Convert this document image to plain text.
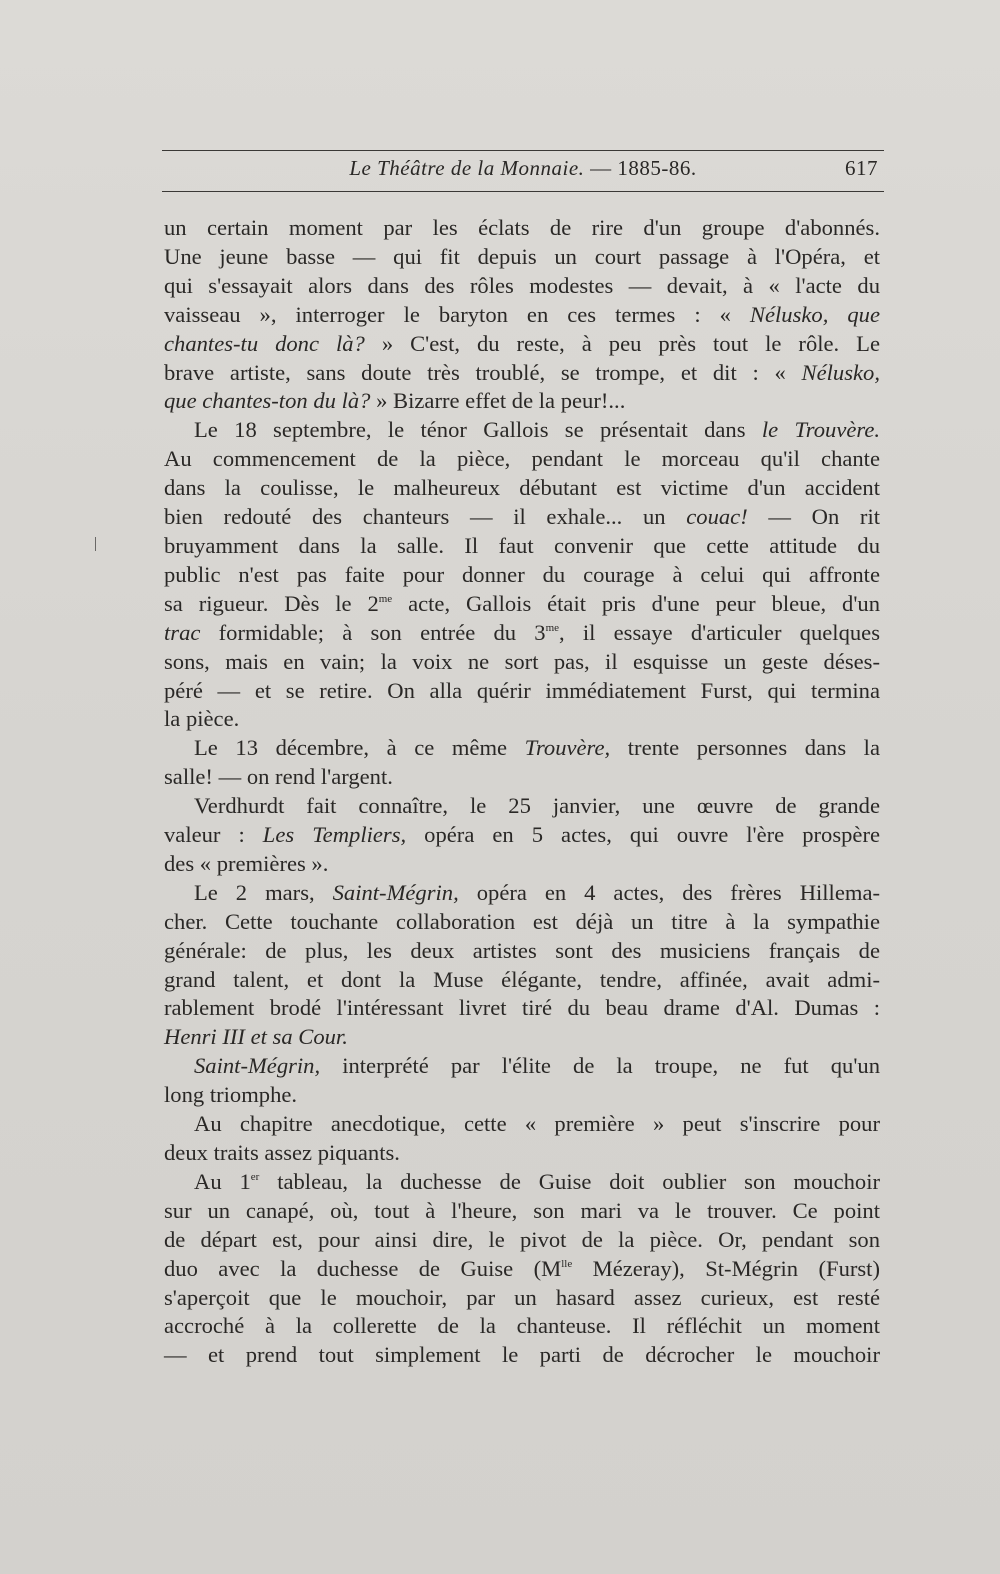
Le Théâtre de la Monnaie. — 1885-86.	617
un certain moment par les éclats de rire d'un groupe d'abonnés.
Une jeune basse — qui fit depuis un court passage à l'Opéra, et
qui s'essayait alors dans des rôles modestes — devait, à « l'acte du
vaisseau », interroger le baryton en ces termes : « Nélusko, que
chantes-tu donc là? » C'est, du reste, à peu près tout le rôle. Le
brave artiste, sans doute très troublé, se trompe, et dit : « Nélusko,
que chantes-ton du là? » Bizarre effet de la peur!...
Le 18 septembre, le ténor Gallois se présentait dans le Trouvère.
Au commencement de la pièce, pendant le morceau qu'il chante
dans la coulisse, le malheureux débutant est victime d'un accident
bien redouté des chanteurs — il exhale... un couac! — On rit
bruyamment dans la salle. Il faut convenir que cette attitude du
public n'est pas faite pour donner du courage à celui qui affronte
sa rigueur. Dès le $2^{me}$ acte, Gallois était pris d'une peur bleue, d'un
trac formidable; à son entrée du $3^{me}$, il essaye d'articuler quelques
sons, mais en vain; la voix ne sort pas, il esquisse un geste déses-
péré — et se retire. On alla quérir immédiatement Furst, qui termina
la pièce.
Le 13 décembre, à ce même Trouvère, trente personnes dans la
salle! — on rend l'argent.
Verdhurdt fait connaître, le 25 janvier, une œuvre de grande
valeur : Les Templiers, opéra en 5 actes, qui ouvre l'ère prospère
des « premières ».
Le 2 mars, Saint-Mégrin, opéra en 4 actes, des frères Hillema-
cher. Cette touchante collaboration est déjà un titre à la sympathie
générale: de plus, les deux artistes sont des musiciens français de
grand talent, et dont la Muse élégante, tendre, affinée, avait admi-
rablement brodé l'intéressant livret tiré du beau drame d'Al. Dumas :
Henri III et sa Cour.
Saint-Mégrin, interprété par l'élite de la troupe, ne fut qu'un
long triomphe.
Au chapitre anecdotique, cette « première » peut s'inscrire pour
deux traits assez piquants.
Au 1er tableau, la duchesse de Guise doit oublier son mouchoir
sur un canapé, où, tout à l'heure, son mari va le trouver. Ce point
de départ est, pour ainsi dire, le pivot de la pièce. Or, pendant son
duo avec la duchesse de Guise ($M^{lle}$ Mézeray), St-Mégrin (Furst)
s'aperçoit que le mouchoir, par un hasard assez curieux, est resté
accroché à la collerette de la chanteuse. Il réfléchit un moment
— et prend tout simplement le parti de décrocher le mouchoir
